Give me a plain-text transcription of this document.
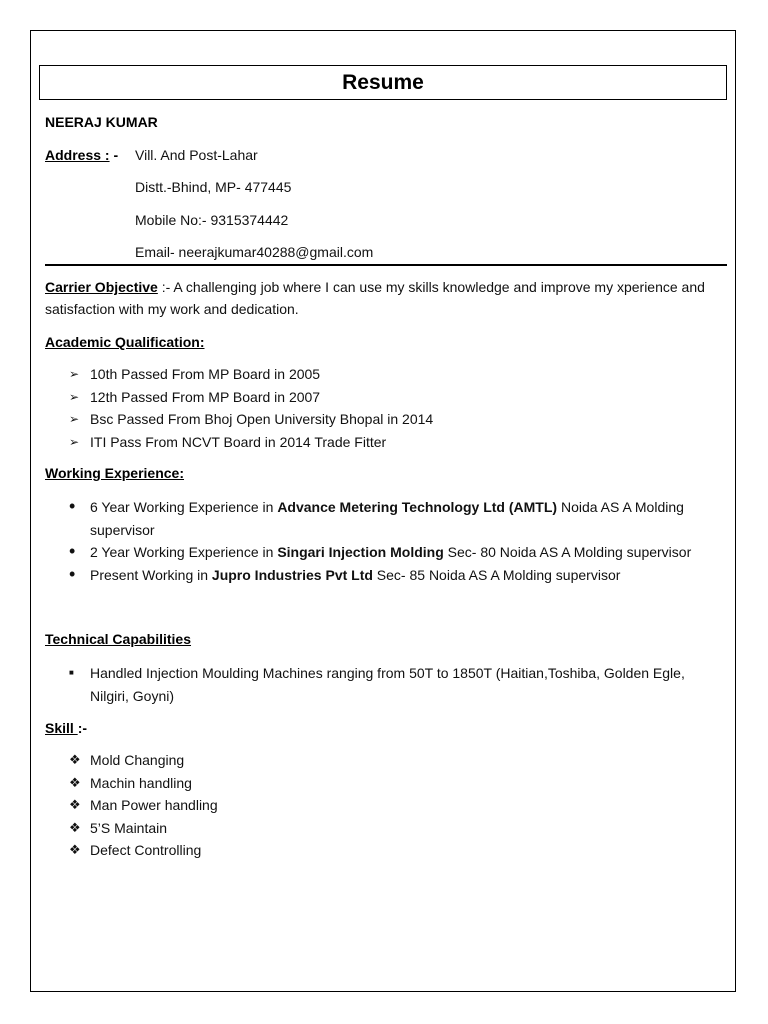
Resume
NEERAJ KUMAR
Address : - Vill. And Post-Lahar
Distt.-Bhind, MP- 477445
Mobile No:- 9315374442
Email- neerajkumar40288@gmail.com
Carrier Objective :- A challenging job where I can use my skills knowledge and improve my xperience and satisfaction with my work and dedication.
Academic Qualification:
➢ 10th Passed From MP Board in 2005
➢ 12th Passed From MP Board in 2007
➢ Bsc Passed From Bhoj Open University Bhopal in 2014
➢ ITI Pass From NCVT Board in 2014 Trade Fitter
Working Experience:
• 6 Year Working Experience in Advance Metering Technology Ltd (AMTL) Noida AS A Molding supervisor
• 2 Year Working Experience in Singari Injection Molding Sec- 80 Noida AS A Molding supervisor
• Present Working in Jupro Industries Pvt Ltd Sec- 85 Noida AS A Molding supervisor
Technical Capabilities
■ Handled Injection Moulding Machines ranging from 50T to 1850T (Haitian,Toshiba, Golden Egle, Nilgiri, Goyni)
Skill :-
❖ Mold Changing
❖ Machin handling
❖ Man Power handling
❖ 5’S Maintain
❖ Defect Controlling
